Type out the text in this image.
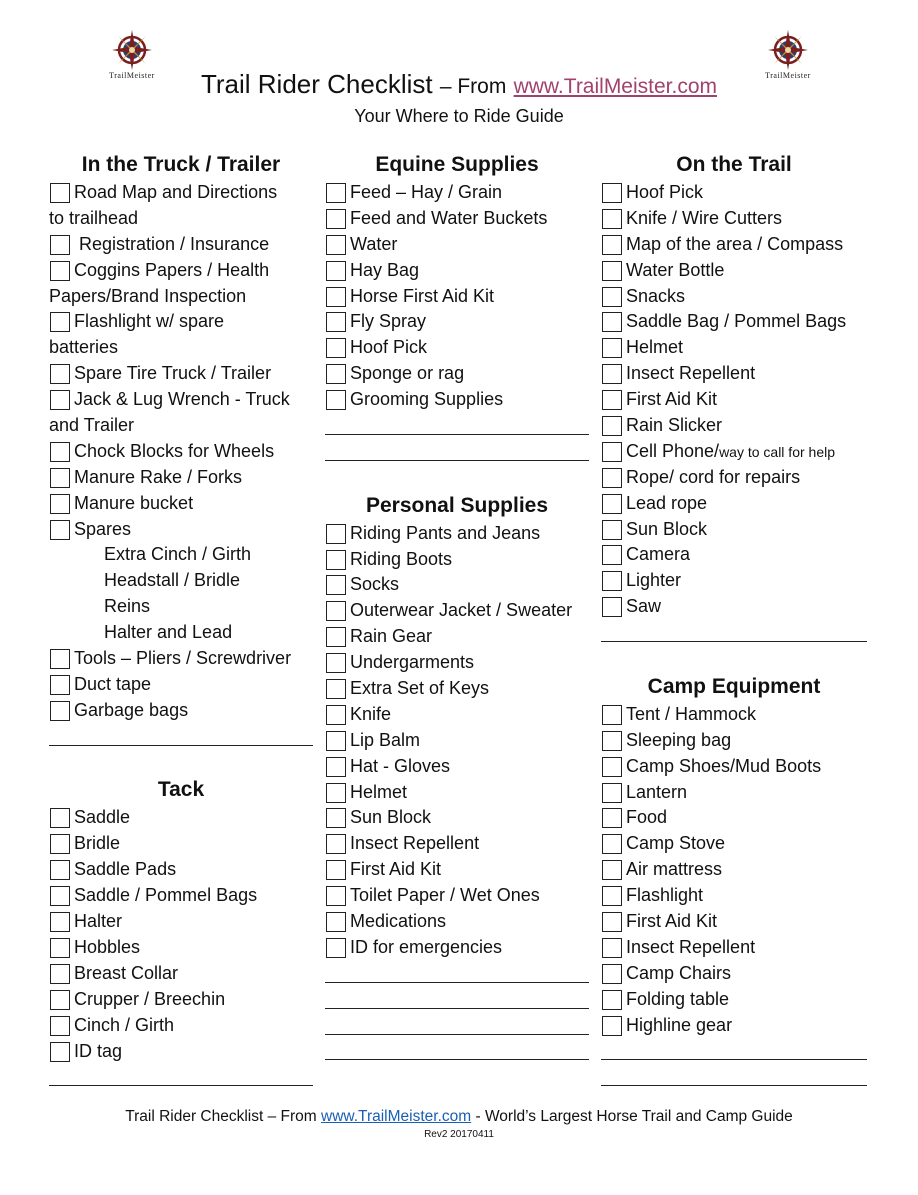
TrailMeister	TrailMeister
Trail Rider Checklist – From www.TrailMeister.com
Your Where to Ride Guide
In the Truck / Trailer
Road Map and Directions
to trailhead
Registration / Insurance
Coggins Papers / Health
Papers/Brand Inspection
Flashlight w/ spare
batteries
Spare Tire Truck / Trailer
Jack & Lug Wrench - Truck
and Trailer
Chock Blocks for Wheels
Manure Rake / Forks
Manure bucket
Spares
Extra Cinch / Girth
Headstall / Bridle
Reins
Halter and Lead
Tools – Pliers / Screwdriver
Duct tape
Garbage bags
Tack
Saddle
Bridle
Saddle Pads
Saddle / Pommel Bags
Halter
Hobbles
Breast Collar
Crupper / Breechin
Cinch / Girth
ID tag
Equine Supplies
Feed – Hay / Grain
Feed and Water Buckets
Water
Hay Bag
Horse First Aid Kit
Fly Spray
Hoof Pick
Sponge or rag
Grooming Supplies
Personal Supplies
Riding Pants and Jeans
Riding Boots
Socks
Outerwear Jacket / Sweater
Rain Gear
Undergarments
Extra Set of Keys
Knife
Lip Balm
Hat - Gloves
Helmet
Sun Block
Insect Repellent
First Aid Kit
Toilet Paper / Wet Ones
Medications
ID for emergencies
On the Trail
Hoof Pick
Knife / Wire Cutters
Map of the area / Compass
Water Bottle
Snacks
Saddle Bag / Pommel Bags
Helmet
Insect Repellent
First Aid Kit
Rain Slicker
Cell Phone/way to call for help
Rope/ cord for repairs
Lead rope
Sun Block
Camera
Lighter
Saw
Camp Equipment
Tent / Hammock
Sleeping bag
Camp Shoes/Mud Boots
Lantern
Food
Camp Stove
Air mattress
Flashlight
First Aid Kit
Insect Repellent
Camp Chairs
Folding table
Highline gear
Trail Rider Checklist – From www.TrailMeister.com - World’s Largest Horse Trail and Camp Guide
Rev2 20170411
